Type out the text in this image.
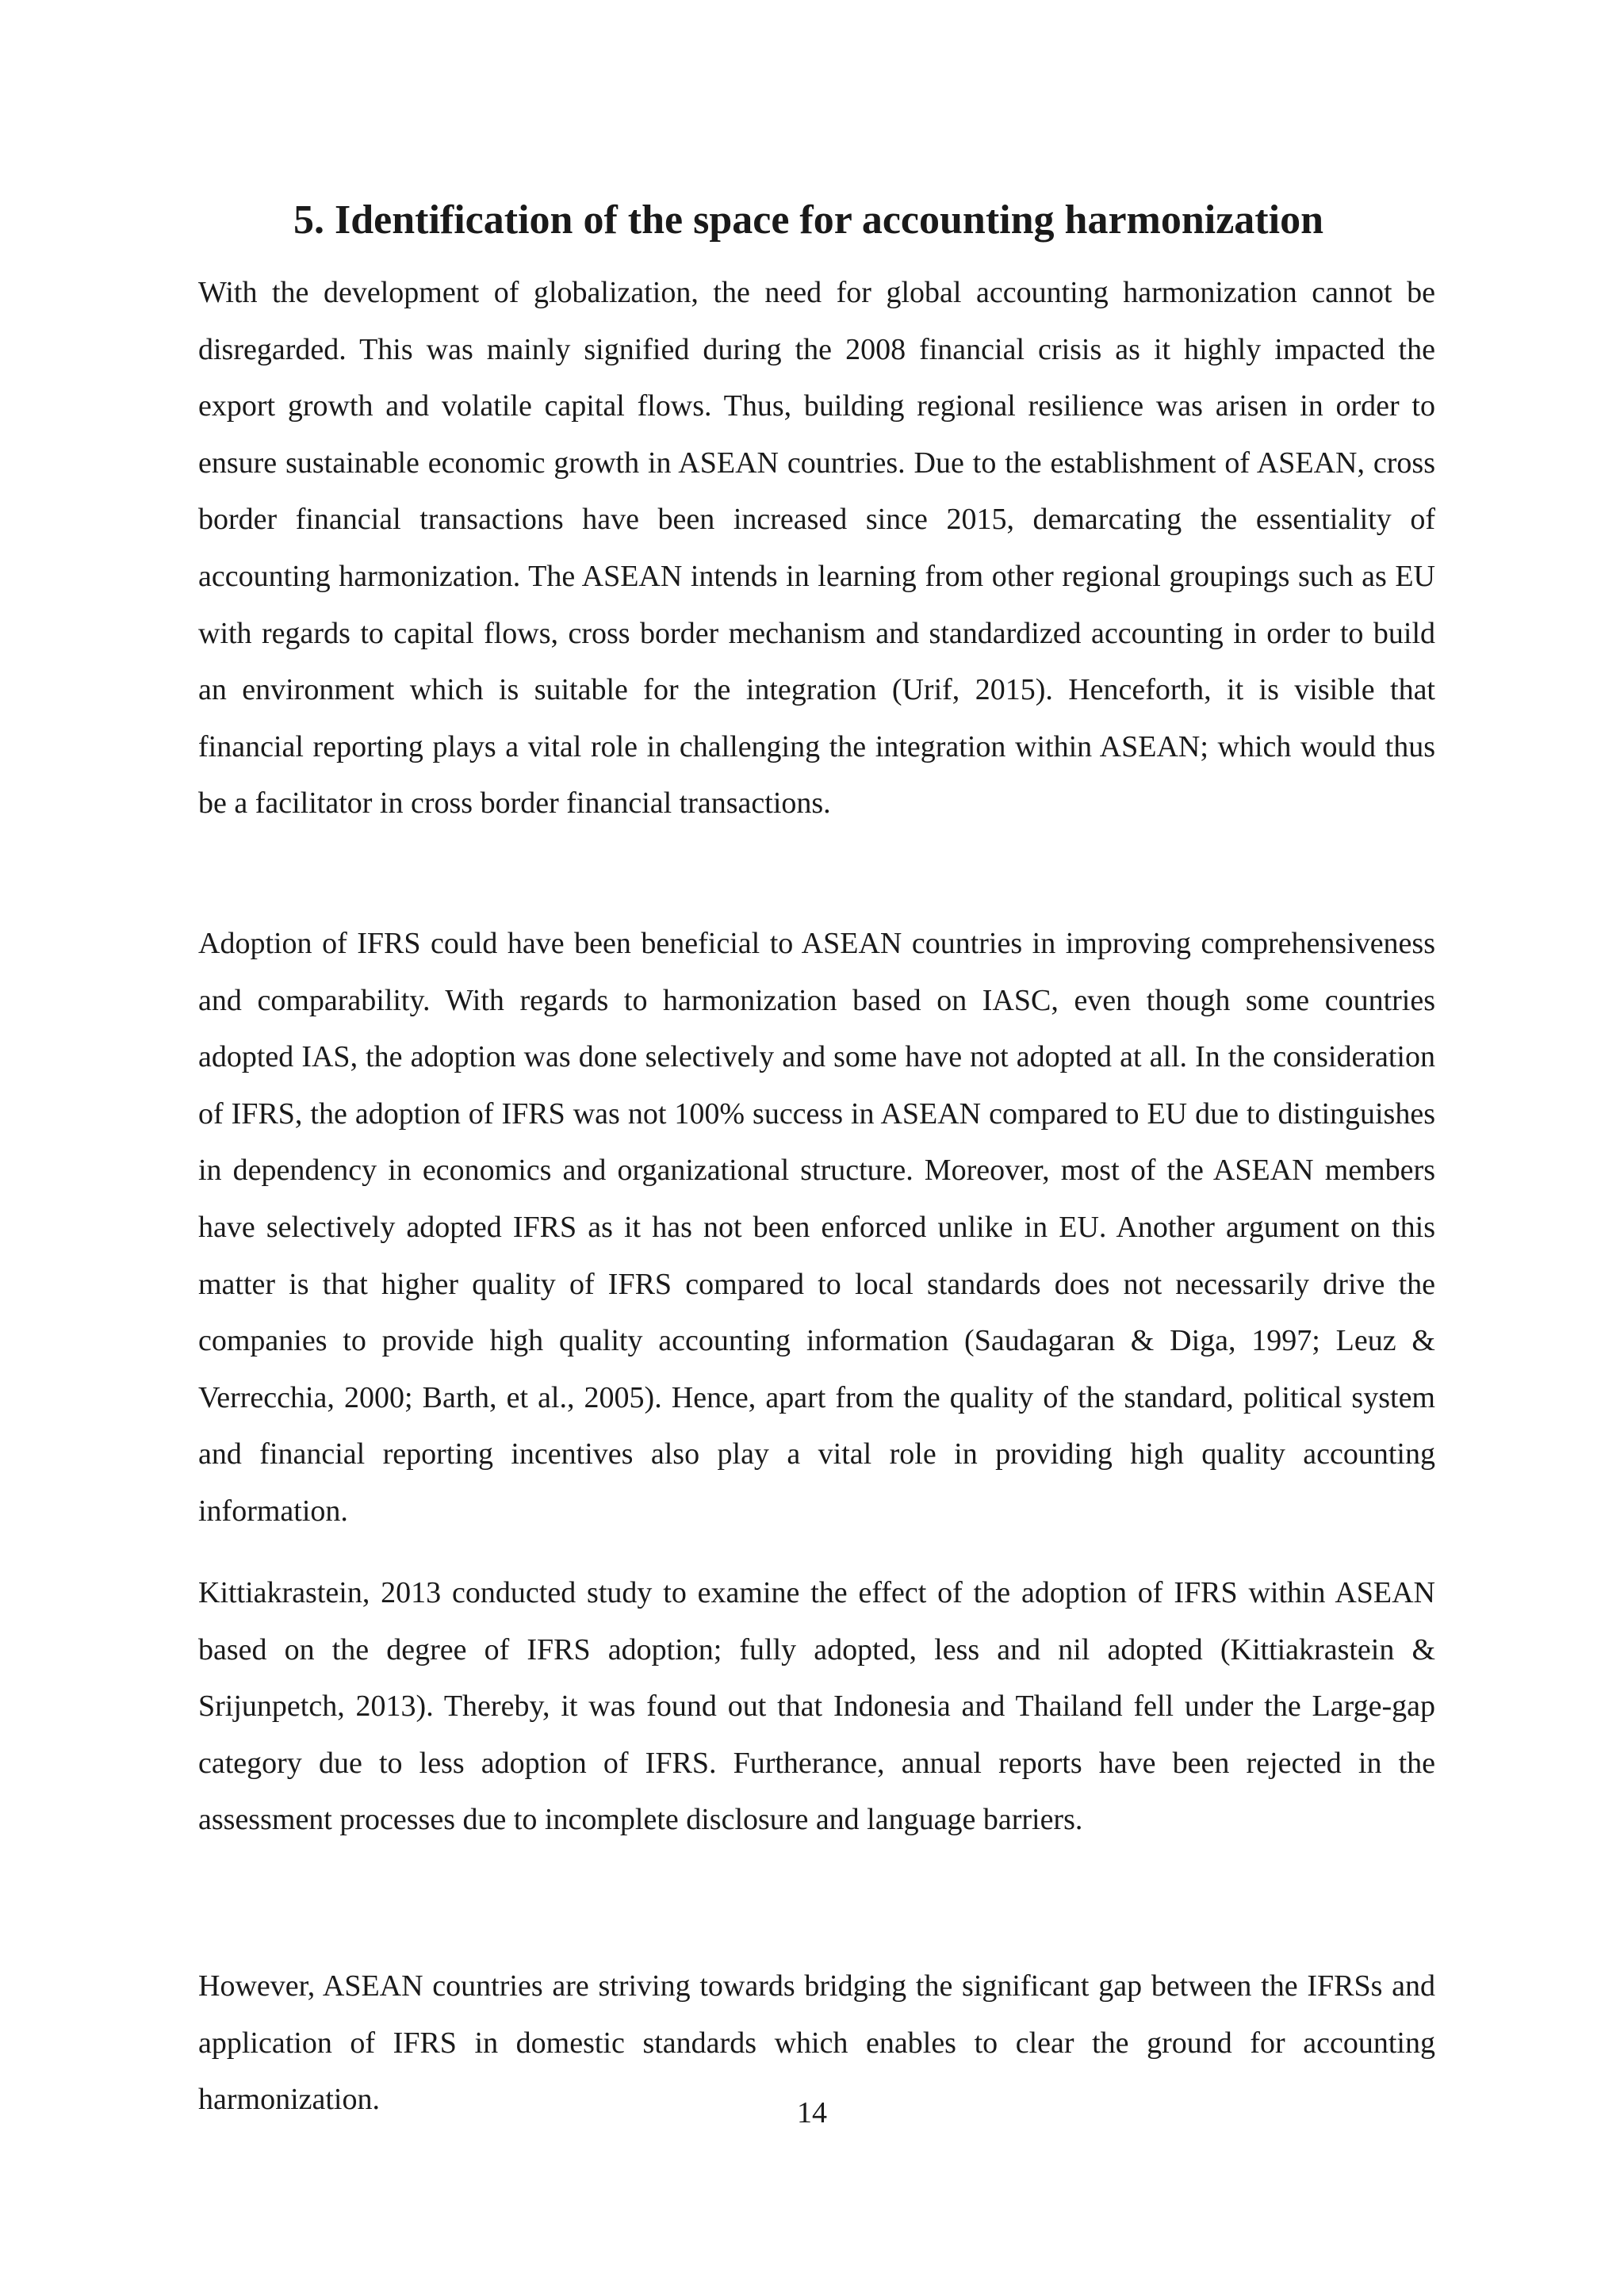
5. Identification of the space for accounting harmonization

With the development of globalization, the need for global accounting harmonization cannot be disregarded. This was mainly signified during the 2008 financial crisis as it highly impacted the export growth and volatile capital flows. Thus, building regional resilience was arisen in order to ensure sustainable economic growth in ASEAN countries. Due to the establishment of ASEAN, cross border financial transactions have been increased since 2015, demarcating the essentiality of accounting harmonization. The ASEAN intends in learning from other regional groupings such as EU with regards to capital flows, cross border mechanism and standardized accounting in order to build an environment which is suitable for the integration (Urif, 2015). Henceforth, it is visible that financial reporting plays a vital role in challenging the integration within ASEAN; which would thus be a facilitator in cross border financial transactions.

Adoption of IFRS could have been beneficial to ASEAN countries in improving comprehensiveness and comparability. With regards to harmonization based on IASC, even though some countries adopted IAS, the adoption was done selectively and some have not adopted at all. In the consideration of IFRS, the adoption of IFRS was not 100% success in ASEAN compared to EU due to distinguishes in dependency in economics and organizational structure. Moreover, most of the ASEAN members have selectively adopted IFRS as it has not been enforced unlike in EU. Another argument on this matter is that higher quality of IFRS compared to local standards does not necessarily drive the companies to provide high quality accounting information (Saudagaran & Diga, 1997; Leuz & Verrecchia, 2000; Barth, et al., 2005). Hence, apart from the quality of the standard, political system and financial reporting incentives also play a vital role in providing high quality accounting information.

Kittiakrastein, 2013 conducted study to examine the effect of the adoption of IFRS within ASEAN based on the degree of IFRS adoption; fully adopted, less and nil adopted (Kittiakrastein & Srijunpetch, 2013). Thereby, it was found out that Indonesia and Thailand fell under the Large-gap category due to less adoption of IFRS. Furtherance, annual reports have been rejected in the assessment processes due to incomplete disclosure and language barriers.

However, ASEAN countries are striving towards bridging the significant gap between the IFRSs and application of IFRS in domestic standards which enables to clear the ground for accounting harmonization.	14
